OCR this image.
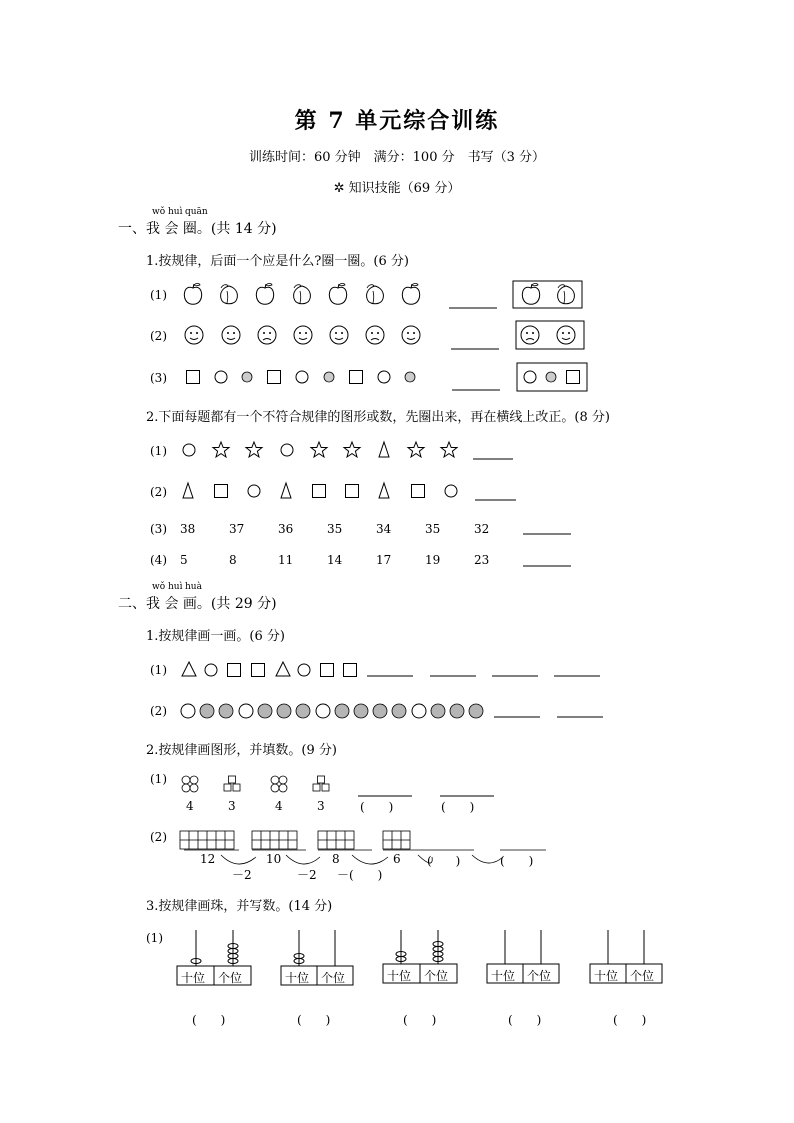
第 7 单元综合训练
训练时间：60 分钟　满分：100 分　书写（3 分）
✲ 知识技能（69 分）
wǒ huì quān
一、我 会 圈。(共 14 分)
1.按规律，后面一个应是什么?圈一圈。(6 分)
(1)
(2)
(3)
2.下面每题都有一个不符合规律的图形或数，先圈出来，再在横线上改正。(8 分)
(1)
(2)
(3)
(4)
38	37	36	35	34	35	32
5	8	11	14	17	19	23
wǒ huì huà
二、我 会 画。(共 29 分)
1.按规律画一画。(6 分)
(1)
(2)
2.按规律画图形，并填数。(9 分)
(1)
4	3	4	3	(　　)	(　　)
(2)
12	10	8	6 (　　)	(　　)
－2	－2 －(　　)
3.按规律画珠，并写数。(14 分)
(1)
十位 个位	十位 个位	十位 个位	十位 个位	十位 个位
(　　)	(　　)	(　　)	(　　)	(　　)
